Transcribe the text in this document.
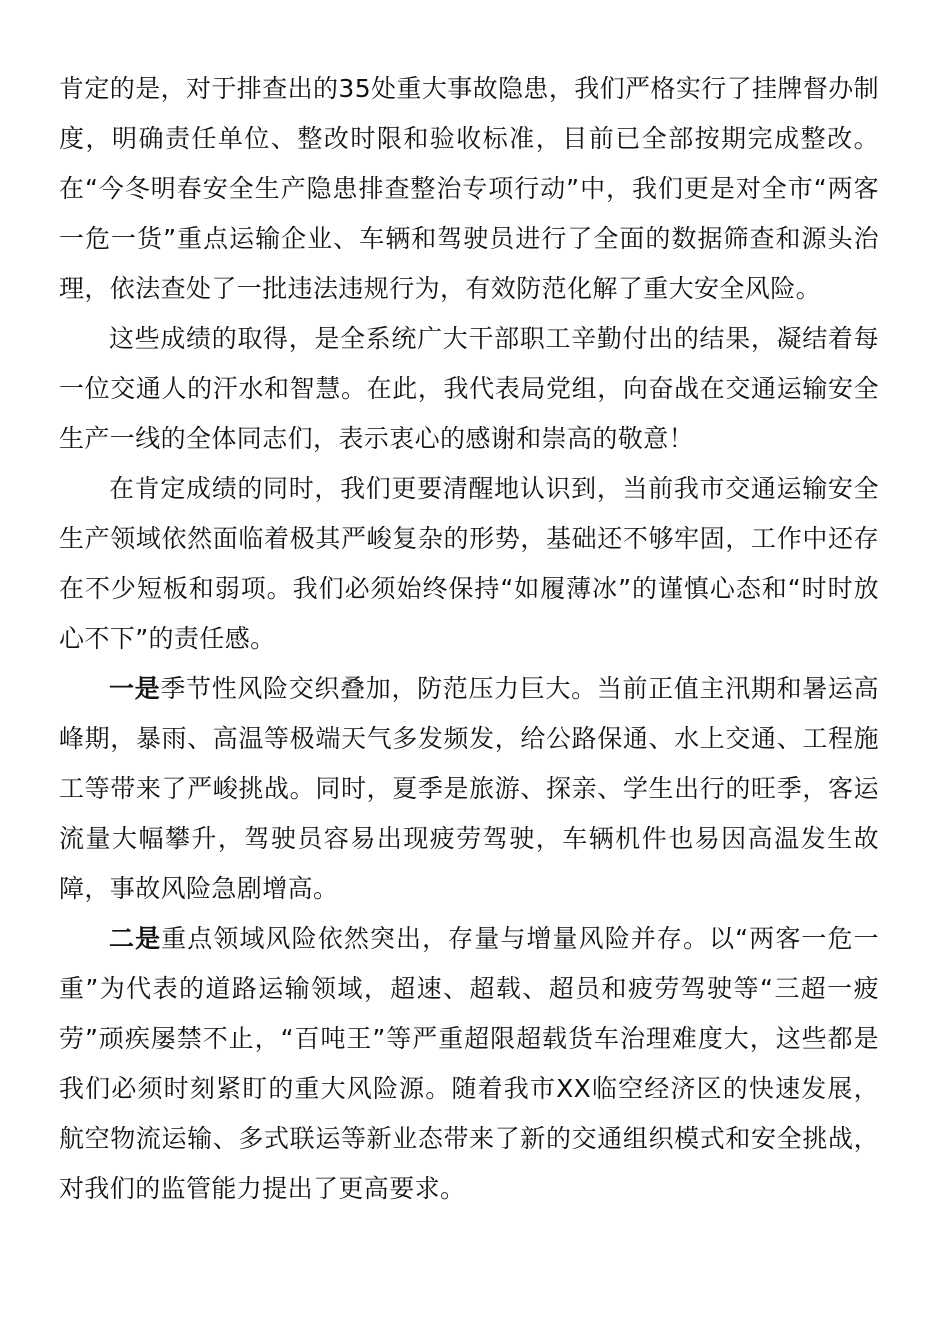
肯定的是，对于排查出的35处重大事故隐患，我们严格实行了挂牌督办制度，明确责任单位、整改时限和验收标准，目前已全部按期完成整改。在“今冬明春安全生产隐患排查整治专项行动”中，我们更是对全市“两客一危一货”重点运输企业、车辆和驾驶员进行了全面的数据筛查和源头治理，依法查处了一批违法违规行为，有效防范化解了重大安全风险。

这些成绩的取得，是全系统广大干部职工辛勤付出的结果，凝结着每一位交通人的汗水和智慧。在此，我代表局党组，向奋战在交通运输安全生产一线的全体同志们，表示衷心的感谢和崇高的敬意！

在肯定成绩的同时，我们更要清醒地认识到，当前我市交通运输安全生产领域依然面临着极其严峻复杂的形势，基础还不够牢固，工作中还存在不少短板和弱项。我们必须始终保持“如履薄冰”的谨慎心态和“时时放心不下”的责任感。

一是季节性风险交织叠加，防范压力巨大。当前正值主汛期和暑运高峰期，暴雨、高温等极端天气多发频发，给公路保通、水上交通、工程施工等带来了严峻挑战。同时，夏季是旅游、探亲、学生出行的旺季，客运流量大幅攀升，驾驶员容易出现疲劳驾驶，车辆机件也易因高温发生故障，事故风险急剧增高。

二是重点领域风险依然突出，存量与增量风险并存。以“两客一危一重”为代表的道路运输领域，超速、超载、超员和疲劳驾驶等“三超一疲劳”顽疾屡禁不止，“百吨王”等严重超限超载货车治理难度大，这些都是我们必须时刻紧盯的重大风险源。随着我市XX临空经济区的快速发展，航空物流运输、多式联运等新业态带来了新的交通组织模式和安全挑战，对我们的监管能力提出了更高要求。
